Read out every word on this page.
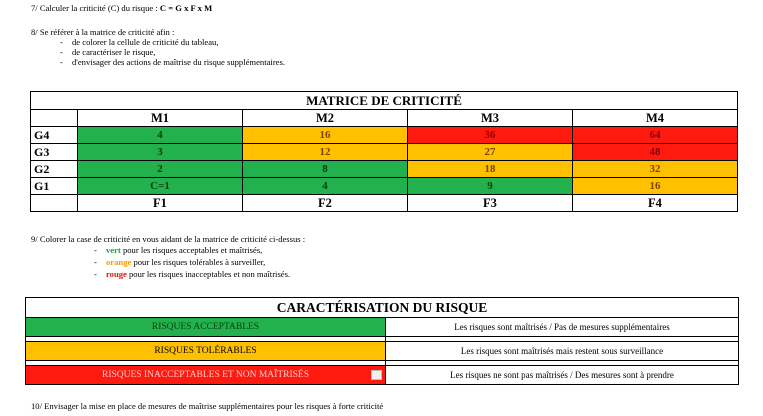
7/ Calculer la criticité (C) du risque : C = G x F x M
8/ Se référer à la matrice de criticité afin :
- de colorer la cellule de criticité du tableau,
- de caractériser le risque,
- d'envisager des actions de maîtrise du risque supplémentaires.
MATRICE DE CRITICITÉ				
	M1	M2	M3	M4
G4	4	16	36	64
G3	3	12	27	48
G2	2	8	18	32
G1	C=1	4	9	16
	F1	F2	F3	F4
9/ Colorer la case de criticité en vous aidant de la matrice de criticité ci-dessus :
- vert pour les risques acceptables et maîtrisés,
- orange pour les risques tolérables à surveiller,
- rouge pour les risques inacceptables et non maîtrisés.
CARACTÉRISATION DU RISQUE	
RISQUES ACCEPTABLES	Les risques sont maîtrisés / Pas de mesures supplémentaires

RISQUES TOLÉRABLES	Les risques sont maîtrisés mais restent sous surveillance

RISQUES INACCEPTABLES ET NON MAÎTRISÉS	Les risques ne sont pas maîtrisés / Des mesures sont à prendre
10/ Envisager la mise en place de mesures de maîtrise supplémentaires pour les risques à forte criticité
